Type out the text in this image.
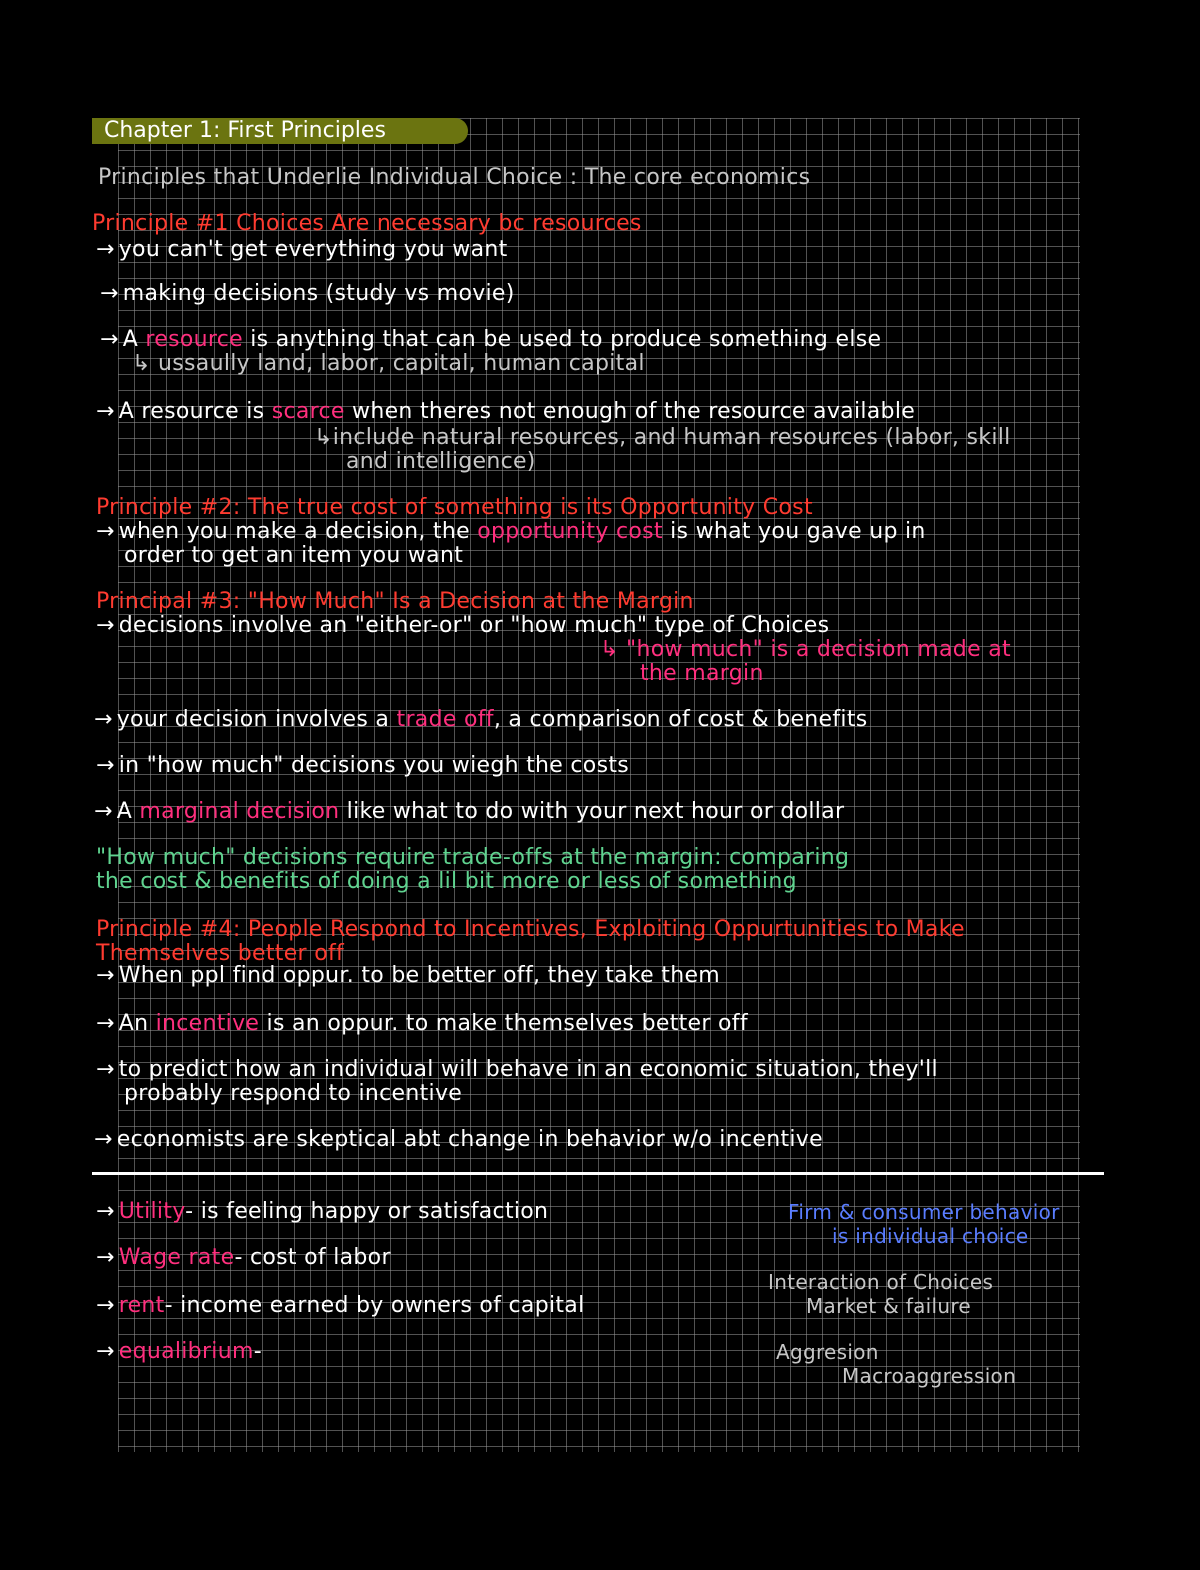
Chapter 1: First Principles
Principles that Underlie Individual Choice : The core economics
Principle #1 Choices Are necessary bc resources
→ you can't get everything you want
→ making decisions (study vs movie)
→ A resource is anything that can be used to produce something else
↳ ussaully land, labor, capital, human capital
→ A resource is scarce when theres not enough of the resource available
↳include natural resources, and human resources (labor, skill
and intelligence)
Principle #2: The true cost of something is its Opportunity Cost
→ when you make a decision, the opportunity cost is what you gave up in
order to get an item you want
Principal #3: "How Much" Is a Decision at the Margin
→ decisions involve an "either-or" or "how much" type of Choices
↳ "how much" is a decision made at
the margin
→ your decision involves a trade off, a comparison of cost & benefits
→ in "how much" decisions you wiegh the costs
→ A marginal decision like what to do with your next hour or dollar
"How much" decisions require trade-offs at the margin: comparing
the cost & benefits of doing a lil bit more or less of something
Principle #4: People Respond to Incentives, Exploiting Oppurtunities to Make
Themselves better off
→ When ppl find oppur. to be better off, they take them
→ An incentive is an oppur. to make themselves better off
→ to predict how an individual will behave in an economic situation, they'll
probably respond to incentive
→ economists are skeptical abt change in behavior w/o incentive
→ Utility- is feeling happy or satisfaction
→ Wage rate- cost of labor
→ rent- income earned by owners of capital
→ equalibrium-
Firm & consumer behavior
is individual choice
Interaction of Choices
Market & failure
Aggresion
Macroaggression
